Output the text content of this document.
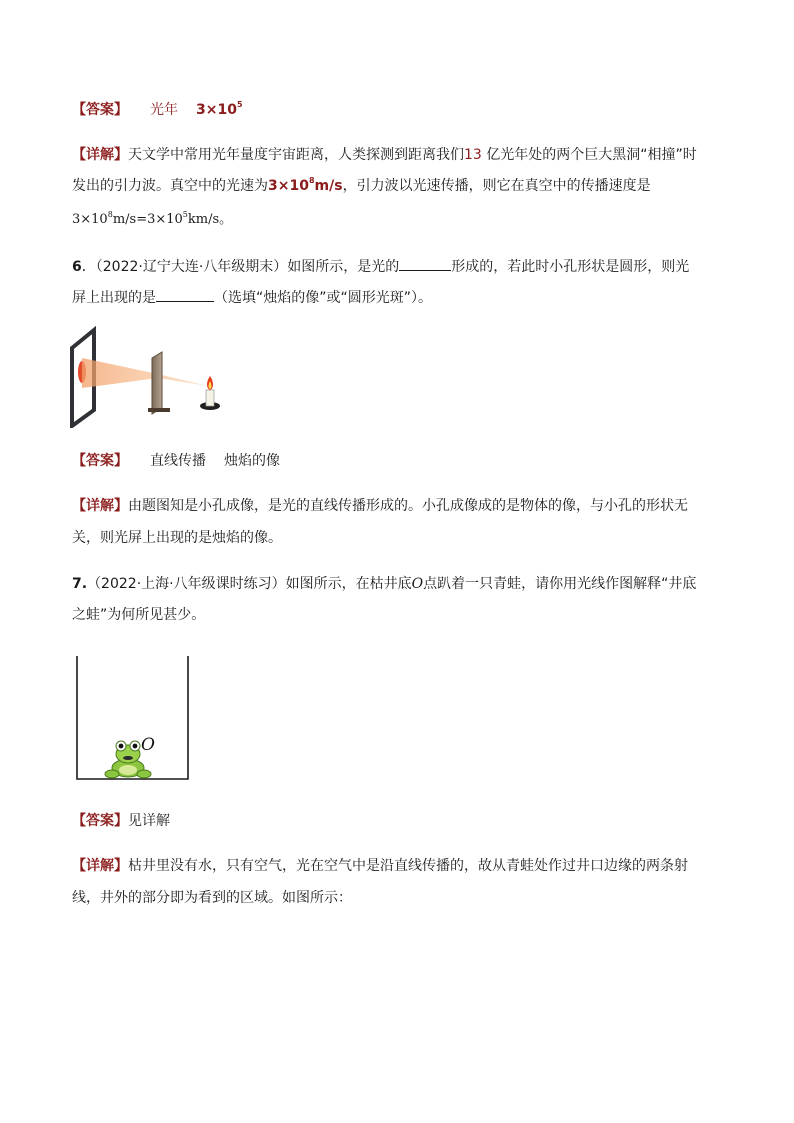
【答案】 光年 $3\times 10^5$
【详解】天文学中常用光年量度宇宙距离，人类探测到距离我们13 亿光年处的两个巨大黑洞“相撞”时
发出的引力波。真空中的光速为$3\times 10^8m/s$，引力波以光速传播，则它在真空中的传播速度是
$3\times 10^8m/s=3\times 10^5km/s$。
6．（2022·辽宁大连·八年级期末）如图所示，是光的	形成的，若此时小孔形状是圆形，则光
屏上出现的是	（选填“烛焰的像”或“圆形光斑”）。
【答案】 直线传播 烛焰的像
【详解】由题图知是小孔成像，是光的直线传播形成的。小孔成像成的是物体的像，与小孔的形状无
关，则光屏上出现的是烛焰的像。
7.（2022·上海·八年级课时练习）如图所示，在枯井底O点趴着一只青蛙，请你用光线作图解释“井底
之蛙”为何所见甚少。
O
【答案】见详解
【详解】枯井里没有水，只有空气，光在空气中是沿直线传播的，故从青蛙处作过井口边缘的两条射
线，井外的部分即为看到的区域。如图所示：
